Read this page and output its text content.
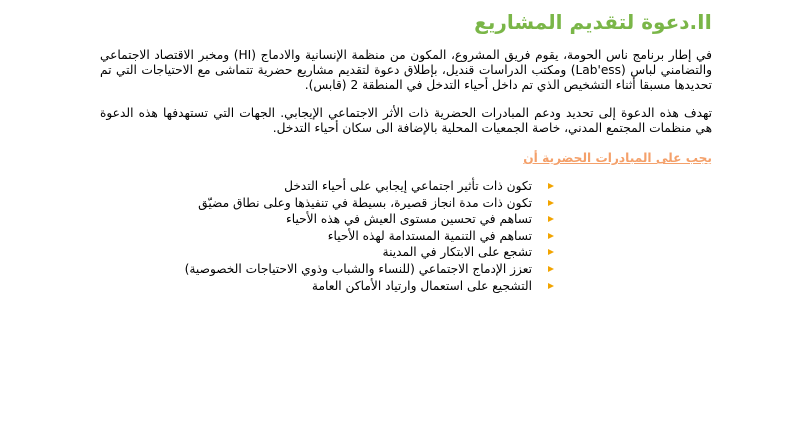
II.دعوة لتقديم المشاريع

في إطار برنامج ناس الحومة، يقوم فريق المشروع، المكون من منظمة الإنسانية والادماج (HI) ومخبر الاقتصاد الاجتماعي والتضامني لباس (Lab'ess) ومكتب الدراسات قنديل، بإطلاق دعوة لتقديم مشاريع حضرية تتماشى مع الاحتياجات التي تم تحديدها مسبقا أثناء التشخيص الذي تم داخل أحياء التدخل في المنطقة 2 (قابس).

تهدف هذه الدعوة إلى تحديد ودعم المبادرات الحضرية ذات الأثر الاجتماعي الإيجابي. الجهات التي تستهدفها هذه الدعوة هي منظمات المجتمع المدني، خاصة الجمعيات المحلية بالإضافة الى سكان أحياء التدخل.

يجب على المبادرات الحضرية أن
تكون ذات تأثير اجتماعي إيجابي على أحياء التدخل
تكون ذات مدة انجاز قصيرة، بسيطة في تنفيذها وعلى نطاق مضيّق
تساهم في تحسين مستوى العيش في هذه الأحياء
تساهم في التنمية المستدامة لهذه الأحياء
تشجع على الابتكار في المدينة
تعزز الإدماج الاجتماعي (للنساء والشباب وذوي الاحتياجات الخصوصية)
التشجيع على استعمال وارتياد الأماكن العامة
